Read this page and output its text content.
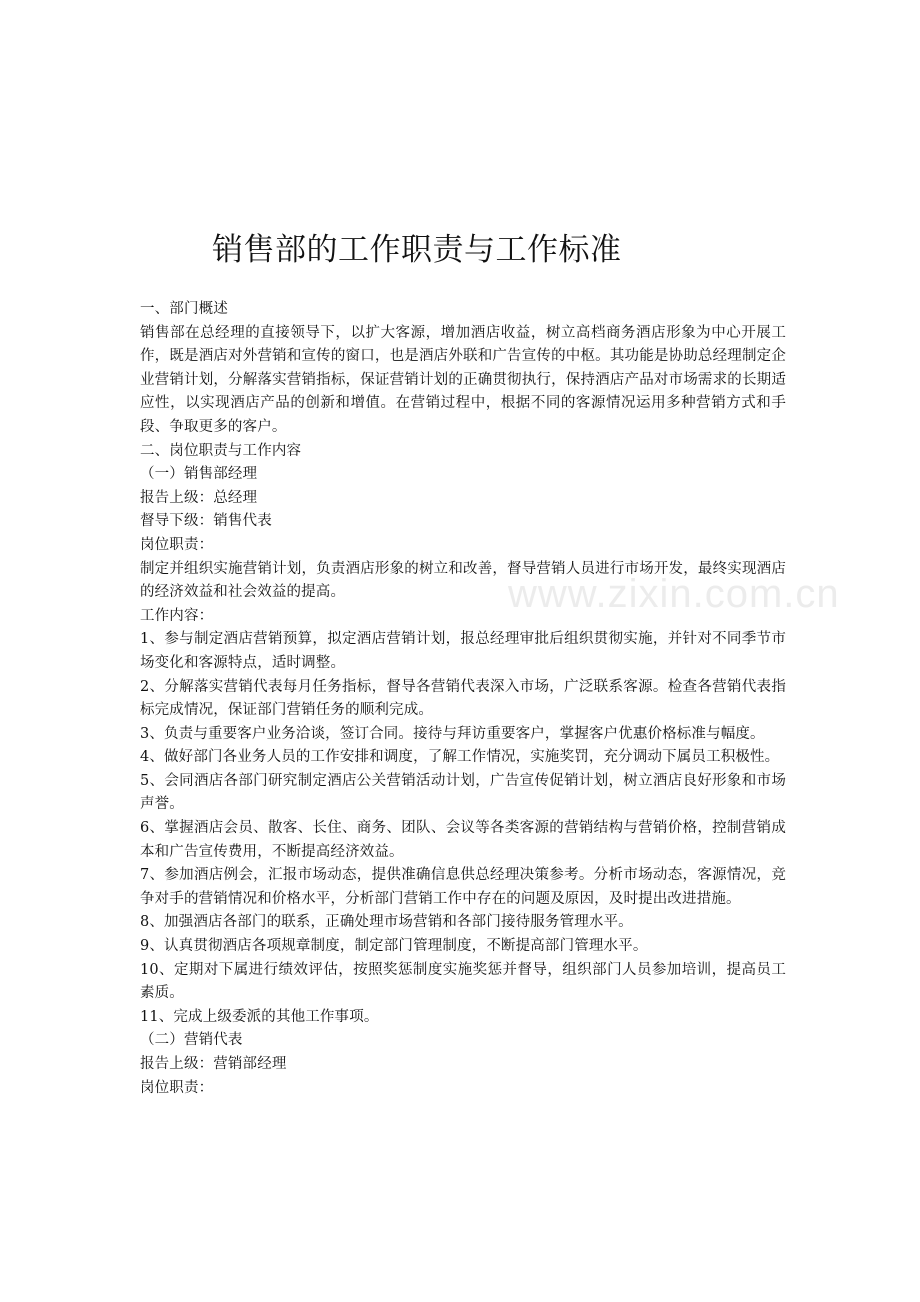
www.zixin.com.cn
销售部的工作职责与工作标准

一、部门概述

销售部在总经理的直接领导下，以扩大客源，增加酒店收益，树立高档商务酒店形象为中心开展工作，既是酒店对外营销和宣传的窗口，也是酒店外联和广告宣传的中枢。其功能是协助总经理制定企业营销计划，分解落实营销指标，保证营销计划的正确贯彻执行，保持酒店产品对市场需求的长期适应性，以实现酒店产品的创新和增值。在营销过程中，根据不同的客源情况运用多种营销方式和手段、争取更多的客户。

二、岗位职责与工作内容

（一）销售部经理

报告上级：总经理

督导下级：销售代表

岗位职责：

制定并组织实施营销计划，负责酒店形象的树立和改善，督导营销人员进行市场开发，最终实现酒店的经济效益和社会效益的提高。

工作内容：

1、参与制定酒店营销预算，拟定酒店营销计划，报总经理审批后组织贯彻实施，并针对不同季节市场变化和客源特点，适时调整。

2、分解落实营销代表每月任务指标，督导各营销代表深入市场，广泛联系客源。检查各营销代表指标完成情况，保证部门营销任务的顺利完成。

3、负责与重要客户业务洽谈，签订合同。接待与拜访重要客户，掌握客户优惠价格标准与幅度。

4、做好部门各业务人员的工作安排和调度，了解工作情况，实施奖罚，充分调动下属员工积极性。

5、会同酒店各部门研究制定酒店公关营销活动计划，广告宣传促销计划，树立酒店良好形象和市场声誉。

6、掌握酒店会员、散客、长住、商务、团队、会议等各类客源的营销结构与营销价格，控制营销成本和广告宣传费用，不断提高经济效益。

7、参加酒店例会，汇报市场动态，提供准确信息供总经理决策参考。分析市场动态，客源情况，竞争对手的营销情况和价格水平，分析部门营销工作中存在的问题及原因，及时提出改进措施。

8、加强酒店各部门的联系，正确处理市场营销和各部门接待服务管理水平。

9、认真贯彻酒店各项规章制度，制定部门管理制度，不断提高部门管理水平。

10、定期对下属进行绩效评估，按照奖惩制度实施奖惩并督导，组织部门人员参加培训，提高员工素质。

11、完成上级委派的其他工作事项。

（二）营销代表

报告上级：营销部经理

岗位职责：
